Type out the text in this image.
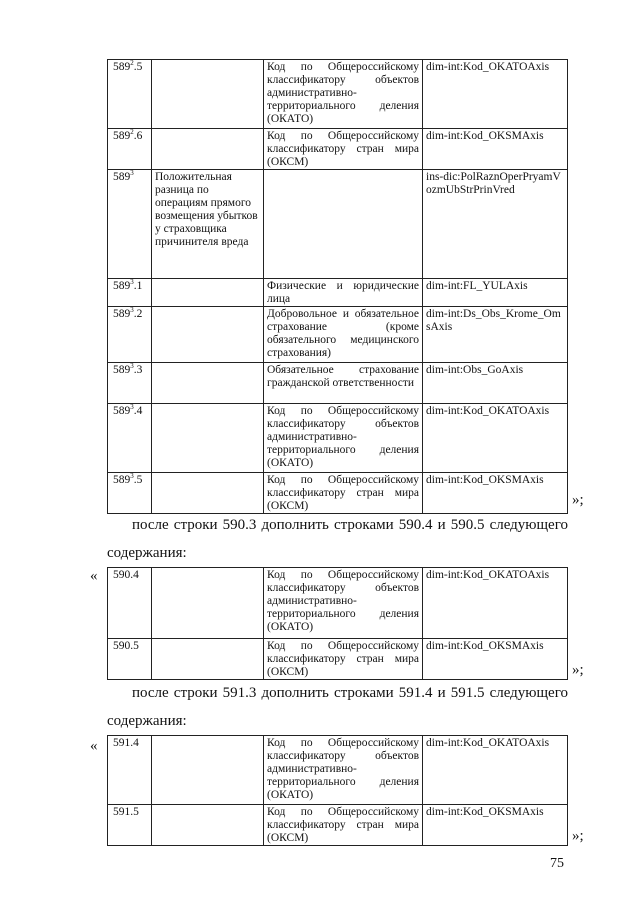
$589^2.5$		Код по Общероссийскому классификатору объектов административно-территориального деления (ОКАТО)	dim-int:Kod_OKATOAxis
$589^2.6$		Код по Общероссийскому классификатору стран мира (ОКСМ)	dim-int:Kod_OKSMAxis
$589^3$	Положительная разница по операциям прямого возмещения убытков у страховщика причинителя вреда		ins-dic:PolRaznOperPryamVozmUbStrPrinVred
$589^3.1$		Физические и юридические лица	dim-int:FL_YULAxis
$589^3.2$		Добровольное и обязательное страхование (кроме обязательного медицинского страхования)	dim-int:Ds_Obs_Krome_OmsAxis
$589^3.3$		Обязательное страхование гражданской ответственности	dim-int:Obs_GoAxis
$589^3.4$		Код по Общероссийскому классификатору объектов административно-территориального деления (ОКАТО)	dim-int:Kod_OKATOAxis
$589^3.5$		Код по Общероссийскому классификатору стран мира (ОКСМ)	dim-int:Kod_OKSMAxis
»;
после строки 590.3 дополнить строками 590.4 и 590.5 следующего
содержания:
« 590.4		Код по Общероссийскому классификатору объектов административно-территориального деления (ОКАТО)	dim-int:Kod_OKATOAxis
590.5		Код по Общероссийскому классификатору стран мира (ОКСМ)	dim-int:Kod_OKSMAxis
»;
после строки 591.3 дополнить строками 591.4 и 591.5 следующего
содержания:
« 591.4		Код по Общероссийскому классификатору объектов административно-территориального деления (ОКАТО)	dim-int:Kod_OKATOAxis
591.5		Код по Общероссийскому классификатору стран мира (ОКСМ)	dim-int:Kod_OKSMAxis
»;
75
